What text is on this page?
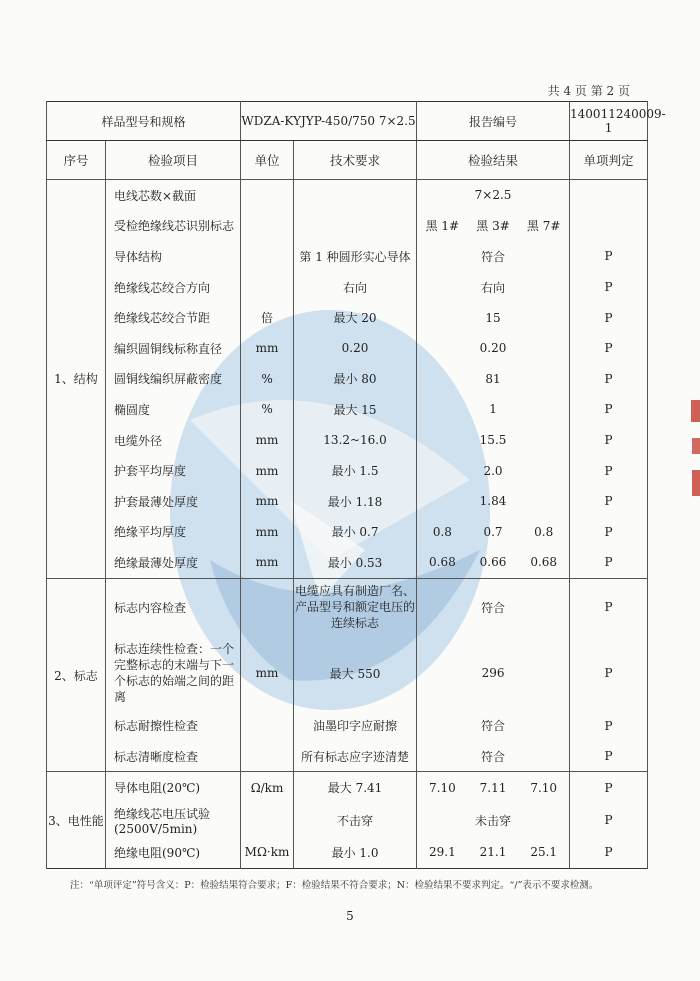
共 4 页 第 2 页
样品型号和规格		WDZA-KYJYP-450/750 7×2.5		报告编号	140011240009-1
序号	检验项目	单位	技术要求	检验结果	单项判定
1、结构	电线芯数×截面			7×2.5	
	受检绝缘线芯识别标志			黑 1# 黑 3# 黑 7#	

	导体结构		第 1 种圆形实心导体	符合	P
	绝缘线芯绞合方向		右向	右向	P
	绝缘线芯绞合节距	倍	最大 20	15	P
	编织圆铜线标称直径	mm	0.20	0.20	P
	圆铜线编织屏蔽密度	%	最小 80	81	P
	椭圆度	%	最大 15	1	P
	电缆外径	mm	13.2~16.0	15.5	P
	护套平均厚度	mm	最小 1.5	2.0	P
	护套最薄处厚度	mm	最小 1.18	1.84	P
	绝缘平均厚度	mm	最小 0.7	0.8 0.7 0.8	P
	绝缘最薄处厚度	mm	最小 0.53	0.68 0.66 0.68	P
2、标志	标志内容检查		电缆应具有制造厂名、产品型号和额定电压的连续标志	符合	P
	标志连续性检查：一个完整标志的末端与下一个标志的始端之间的距离	mm	最大 550	296	P
	标志耐擦性检查		油墨印字应耐擦	符合	P
	标志清晰度检查		所有标志应字迹清楚	符合	P
3、电性能	导体电阻(20℃)	Ω/km	最大 7.41	7.10 7.11 7.10	P
	绝缘线芯电压试验(2500V/5min)		不击穿	未击穿	P
	绝缘电阻(90℃)	MΩ·km	最小 1.0	29.1 21.1 25.1	P
注：“单项评定”符号含义：P：检验结果符合要求；F：检验结果不符合要求；N：检验结果不要求判定。“/”表示不要求检测。
5
